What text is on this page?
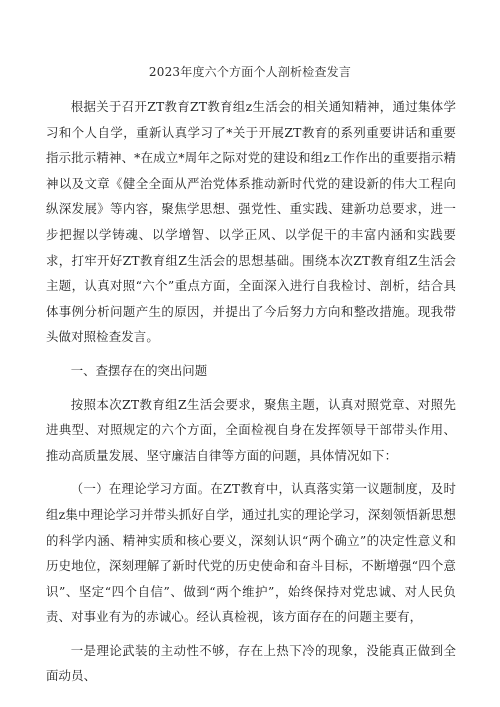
2023年度六个方面个人剖析检查发言

根据关于召开ZT教育ZT教育组z生活会的相关通知精神，通过集体学习和个人自学，重新认真学习了*关于开展ZT教育的系列重要讲话和重要指示批示精神、*在成立*周年之际对党的建设和组z工作作出的重要指示精神以及文章《健全全面从严治党体系推动新时代党的建设新的伟大工程向纵深发展》等内容，聚焦学思想、强党性、重实践、建新功总要求，进一步把握以学铸魂、以学增智、以学正风、以学促干的丰富内涵和实践要求，打牢开好ZT教育组Z生活会的思想基础。围绕本次ZT教育组Z生活会主题，认真对照“六个”重点方面，全面深入进行自我检讨、剖析，结合具体事例分析问题产生的原因，并提出了今后努力方向和整改措施。现我带头做对照检查发言。

一、查摆存在的突出问题

按照本次ZT教育组Z生活会要求，聚焦主题，认真对照党章、对照先进典型、对照规定的六个方面，全面检视自身在发挥领导干部带头作用、推动高质量发展、坚守廉洁自律等方面的问题，具体情况如下：

（一）在理论学习方面。在ZT教育中，认真落实第一议题制度，及时组z集中理论学习并带头抓好自学，通过扎实的理论学习，深刻领悟新思想的科学内涵、精神实质和核心要义，深刻认识“两个确立”的决定性意义和历史地位，深刻理解了新时代党的历史使命和奋斗目标，不断增强“四个意识”、坚定“四个自信”、做到“两个维护”，始终保持对党忠诚、对人民负责、对事业有为的赤诚心。经认真检视，该方面存在的问题主要有，

一是理论武装的主动性不够，存在上热下冷的现象，没能真正做到全面动员、
